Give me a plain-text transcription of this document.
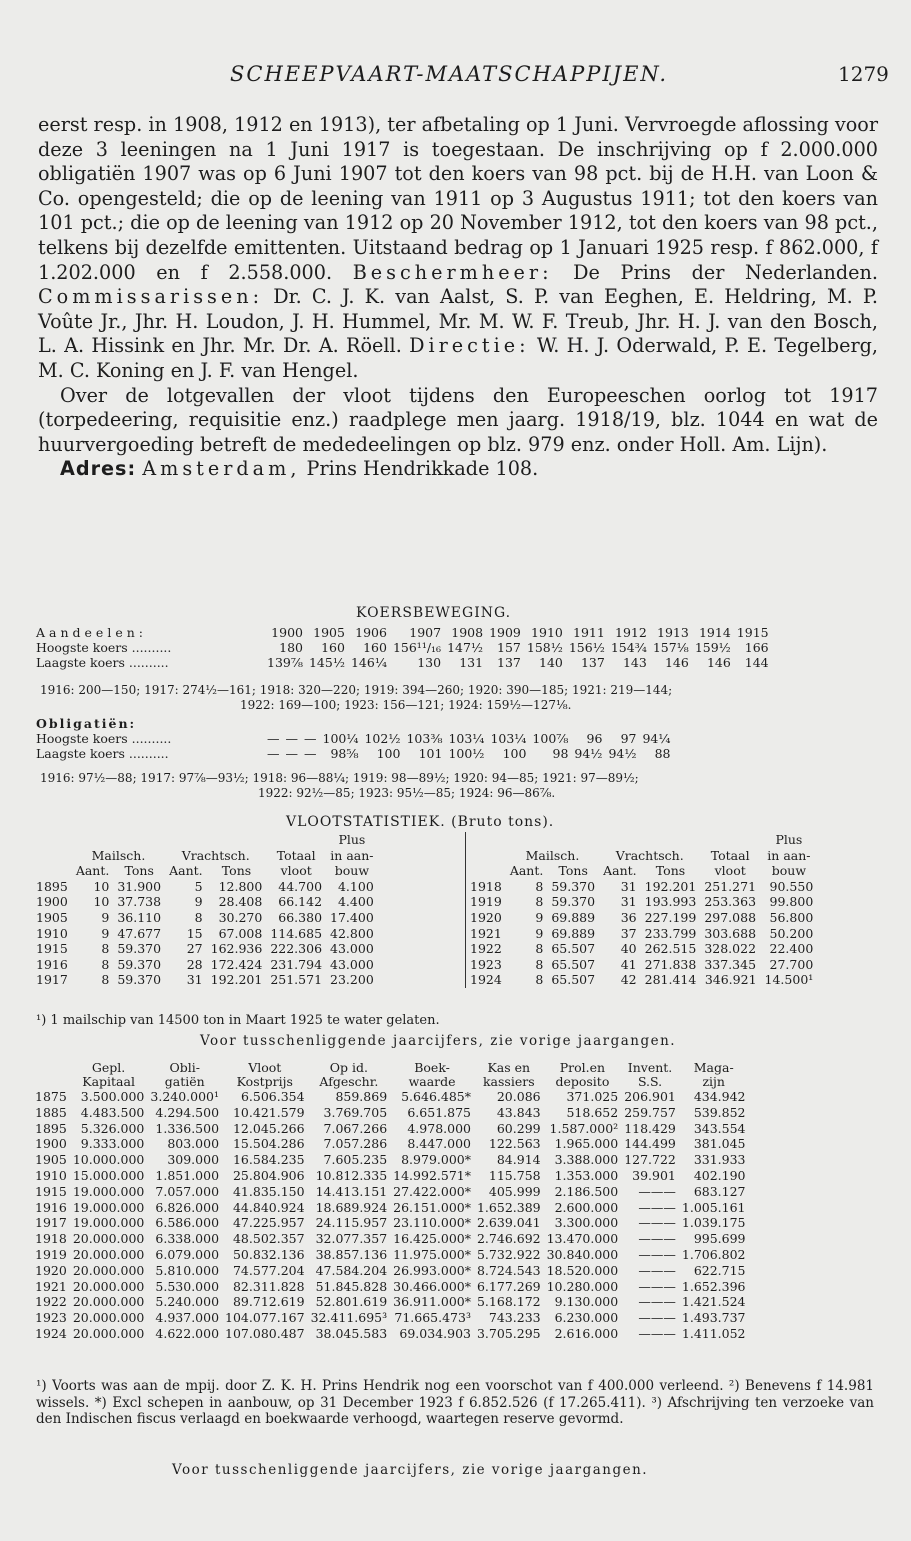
SCHEEPVAART-MAATSCHAPPIJEN.	1279

eerst resp. in 1908, 1912 en 1913), ter afbetaling op 1 Juni. Vervroegde aflossing voor deze 3 leeningen na 1 Juni 1917 is toegestaan. De inschrijving op f 2.000.000 obligatiën 1907 was op 6 Juni 1907 tot den koers van 98 pct. bij de H.H. van Loon & Co. opengesteld; die op de leening van 1911 op 3 Augustus 1911; tot den koers van 101 pct.; die op de leening van 1912 op 20 November 1912, tot den koers van 98 pct., telkens bij dezelfde emittenten. Uitstaand bedrag op 1 Januari 1925 resp. f 862.000, f 1.202.000 en f 2.558.000. Beschermheer: De Prins der Nederlanden. Commissarissen: Dr. C. J. K. van Aalst, S. P. van Eeghen, E. Heldring, M. P. Voûte Jr., Jhr. H. Loudon, J. H. Hummel, Mr. M. W. F. Treub, Jhr. H. J. van den Bosch, L. A. Hissink en Jhr. Mr. Dr. A. Röell. Directie: W. H. J. Oderwald, P. E. Tegelberg, M. C. Koning en J. F. van Hengel.

Over de lotgevallen der vloot tijdens den Europeeschen oorlog tot 1917 (torpedeering, requisitie enz.) raadplege men jaarg. 1918/19, blz. 1044 en wat de huurvergoeding betreft de mededeelingen op blz. 979 enz. onder Holl. Am. Lijn).

Adres: Amsterdam, Prins Hendrikkade 108.

KOERSBEWEGING.
Aandeelen:	1900	1905	1906	1907	1908	1909	1910	1911	1912	1913	1914	1915
Hoogste koers ..........	180	160	160	156¹¹/₁₆	147½	157	158½	156½	154¾	157⅛	159½	166
Laagste koers ..........	139⅞	145½	146¼	130	131	137	140	137	143	146	146	144
1916: 200—150; 1917: 274½—161; 1918: 320—220; 1919: 394—260; 1920: 390—185; 1921: 219—144;
1922: 169—100; 1923: 156—121; 1924: 159½—127⅛.
Obligatiën:												
Hoogste koers ..........	—	—	—	100¼	102½	103⅜	103¼	103¼	100⅞	96	97	94¼
Laagste koers ..........	—	—	—	98⅝	100	101	100½	100	98	94½	94½	88
1916: 97½—88; 1917: 97⅞—93½; 1918: 96—88¼; 1919: 98—89½; 1920: 94—85; 1921: 97—89½;
1922: 92½—85; 1923: 95½—85; 1924: 96—86⅞.
VLOOTSTATISTIEK. (Bruto tons).
						Plus
	Mailsch.		Vrachtsch.		Totaal	in aan-
	Aant.	Tons	Aant.	Tons	vloot	bouw
1895	10	31.900	5	12.800	44.700	4.100
1900	10	37.738	9	28.408	66.142	4.400
1905	9	36.110	8	30.270	66.380	17.400
1910	9	47.677	15	67.008	114.685	42.800
1915	8	59.370	27	162.936	222.306	43.000
1916	8	59.370	28	172.424	231.794	43.000
1917	8	59.370	31	192.201	251.571	23.200
						Plus
	Mailsch.		Vrachtsch.		Totaal	in aan-
	Aant.	Tons	Aant.	Tons	vloot	bouw
1918	8	59.370	31	192.201	251.271	90.550
1919	8	59.370	31	193.993	253.363	99.800
1920	9	69.889	36	227.199	297.088	56.800
1921	9	69.889	37	233.799	303.688	50.200
1922	8	65.507	40	262.515	328.022	22.400
1923	8	65.507	41	271.838	337.345	27.700
1924	8	65.507	42	281.414	346.921	14.500¹
¹) 1 mailschip van 14500 ton in Maart 1925 te water gelaten.
Voor tusschenliggende jaarcijfers, zie vorige jaargangen.
	Gepl.	Obli-	Vloot	Op id.	Boek-	Kas en	Prol.en	Invent.	Maga-
	Kapitaal	gatiën	Kostprijs	Afgeschr.	waarde	kassiers	deposito	S.S.	zijn
1875	3.500.000	3.240.000¹	6.506.354	859.869	5.646.485*	20.086	371.025	206.901	434.942
1885	4.483.500	4.294.500	10.421.579	3.769.705	6.651.875	43.843	518.652	259.757	539.852
1895	5.326.000	1.336.500	12.045.266	7.067.266	4.978.000	60.299	1.587.000²	118.429	343.554
1900	9.333.000	803.000	15.504.286	7.057.286	8.447.000	122.563	1.965.000	144.499	381.045
1905	10.000.000	309.000	16.584.235	7.605.235	8.979.000*	84.914	3.388.000	127.722	331.933
1910	15.000.000	1.851.000	25.804.906	10.812.335	14.992.571*	115.758	1.353.000	39.901	402.190
1915	19.000.000	7.057.000	41.835.150	14.413.151	27.422.000*	405.999	2.186.500	———	683.127
1916	19.000.000	6.826.000	44.840.924	18.689.924	26.151.000*	1.652.389	2.600.000	———	1.005.161
1917	19.000.000	6.586.000	47.225.957	24.115.957	23.110.000*	2.639.041	3.300.000	———	1.039.175
1918	20.000.000	6.338.000	48.502.357	32.077.357	16.425.000*	2.746.692	13.470.000	———	995.699
1919	20.000.000	6.079.000	50.832.136	38.857.136	11.975.000*	5.732.922	30.840.000	———	1.706.802
1920	20.000.000	5.810.000	74.577.204	47.584.204	26.993.000*	8.724.543	18.520.000	———	622.715
1921	20.000.000	5.530.000	82.311.828	51.845.828	30.466.000*	6.177.269	10.280.000	———	1.652.396
1922	20.000.000	5.240.000	89.712.619	52.801.619	36.911.000*	5.168.172	9.130.000	———	1.421.524
1923	20.000.000	4.937.000	104.077.167	32.411.695³	71.665.473³	743.233	6.230.000	———	1.493.737
1924	20.000.000	4.622.000	107.080.487	38.045.583	69.034.903	3.705.295	2.616.000	———	1.411.052

¹) Voorts was aan de mpij. door Z. K. H. Prins Hendrik nog een voorschot van f 400.000 verleend. ²) Benevens f 14.981 wissels. *) Excl schepen in aanbouw, op 31 December 1923 f 6.852.526 (f 17.265.411). ³) Afschrijving ten verzoeke van den Indischen fiscus verlaagd en boekwaarde verhoogd, waartegen reserve gevormd.

Voor tusschenliggende jaarcijfers, zie vorige jaargangen.
